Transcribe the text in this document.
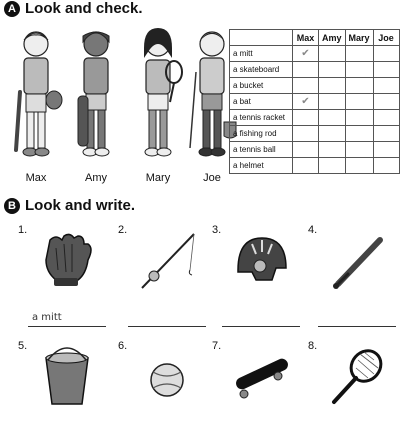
A Look and check.
Max	Amy	Mary	Joe
	Max	Amy	Mary	Joe
a mitt	✔			
a skateboard				
a bucket				
a bat	✔			
a tennis racket				
a fishing rod				
a tennis ball				
a helmet				
B Look and write.
1.
a mitt
2.	3.	4.
5.	6.	7.	8.
